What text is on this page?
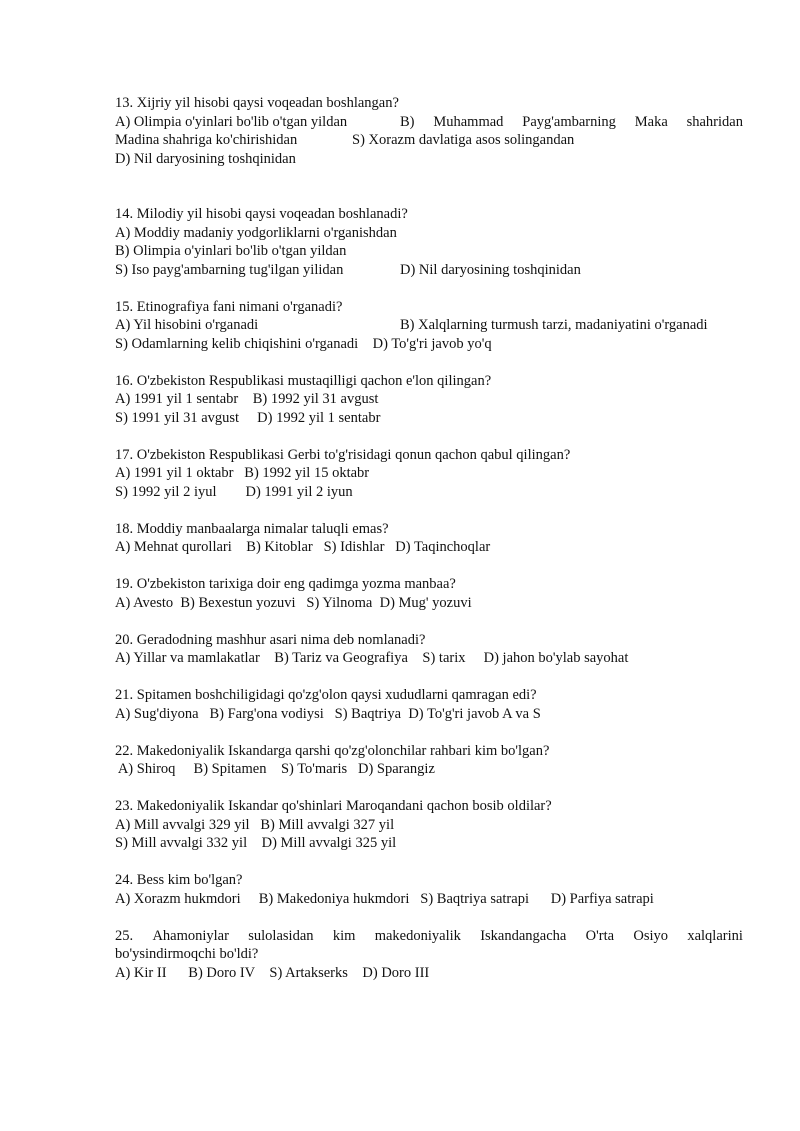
13. Xijriy yil hisobi qaysi voqeadan boshlangan?
A) Olimpia o'yinlari bo'lib o'tgan yildan	B) Muhammad Payg'ambarning Maka shahridan
Madina shahriga ko'chirishidan	S) Xorazm davlatiga asos solingandan
D) Nil daryosining toshqinidan
14. Milodiy yil hisobi qaysi voqeadan boshlanadi?
A) Moddiy madaniy yodgorliklarni o'rganishdan
B) Olimpia o'yinlari bo'lib o'tgan yildan
S) Iso payg'ambarning tug'ilgan yilidan	D) Nil daryosining toshqinidan
15. Etinografiya fani nimani o'rganadi?
A) Yil hisobini o'rganadi	B) Xalqlarning turmush tarzi, madaniyatini o'rganadi
S) Odamlarning kelib chiqishini o'rganadi
D) To'g'ri javob yo'q
16. O'zbekiston Respublikasi mustaqilligi qachon e'lon qilingan?
A) 1991 yil 1 sentabr    B) 1992 yil 31 avgust
S) 1991 yil 31 avgust     D) 1992 yil 1 sentabr
17. O'zbekiston Respublikasi Gerbi to'g'risidagi qonun qachon qabul qilingan?
A) 1991 yil 1 oktabr   B) 1992 yil 15 oktabr
S) 1992 yil 2 iyul        D) 1991 yil 2 iyun
18. Moddiy manbaalarga nimalar taluqli emas?
A) Mehnat qurollari    B) Kitoblar   S) Idishlar   D) Taqinchoqlar
19. O'zbekiston tarixiga doir eng qadimga yozma manbaa?
A) Avesto  B) Bexestun yozuvi   S) Yilnoma  D) Mug' yozuvi
20. Geradodning mashhur asari nima deb nomlanadi?
A) Yillar va mamlakatlar    B) Tariz va Geografiya    S) tarix     D) jahon bo'ylab sayohat
21. Spitamen boshchiligidagi qo'zg'olon qaysi xududlarni qamragan edi?
A) Sug'diyona   B) Farg'ona vodiysi   S) Baqtriya  D) To'g'ri javob A va S
22. Makedoniyalik Iskandarga qarshi qo'zg'olonchilar rahbari kim bo'lgan?
A) Shiroq     B) Spitamen    S) To'maris   D) Sparangiz
23. Makedoniyalik Iskandar qo'shinlari Maroqandani qachon bosib oldilar?
A) Mill avvalgi 329 yil   B) Mill avvalgi 327 yil
S) Mill avvalgi 332 yil    D) Mill avvalgi 325 yil
24. Bess kim bo'lgan?
A) Xorazm hukmdori     B) Makedoniya hukmdori   S) Baqtriya satrapi      D) Parfiya satrapi
25. Ahamoniylar sulolasidan kim makedoniyalik Iskandangacha O'rta Osiyo xalqlarini
bo'ysindirmoqchi bo'ldi?
A) Kir II      B) Doro IV    S) Artakserks    D) Doro III
